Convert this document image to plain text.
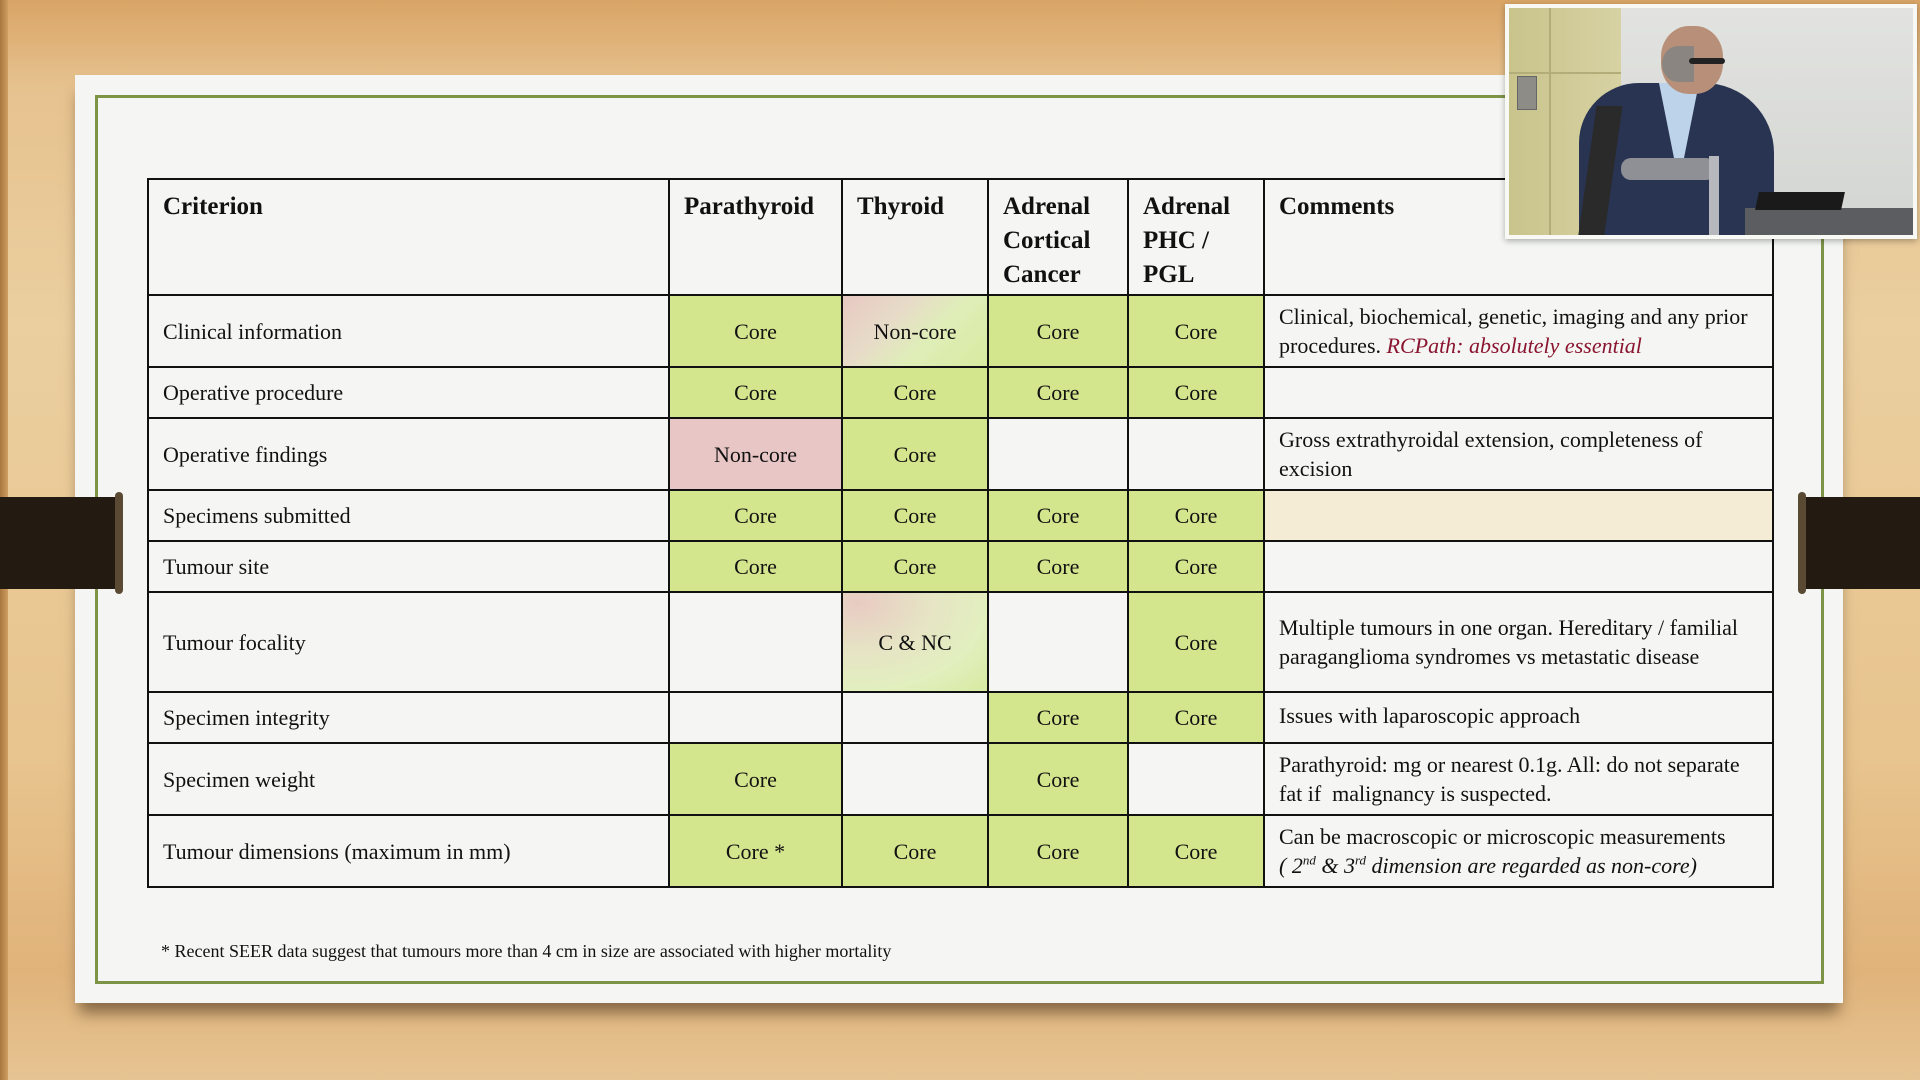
Criterion	Parathyroid	Thyroid	Adrenal Cortical Cancer	Adrenal PHC / PGL	Comments
Clinical information	Core	Non-core	Core	Core	Clinical, biochemical, genetic, imaging and any prior procedures. RCPath: absolutely essential
Operative procedure	Core	Core	Core	Core	
Operative findings	Non-core	Core			Gross extrathyroidal extension, completeness of excision
Specimens submitted	Core	Core	Core	Core	
Tumour site	Core	Core	Core	Core	
Tumour focality		C & NC		Core	Multiple tumours in one organ. Hereditary / familial paraganglioma syndromes vs metastatic disease
Specimen integrity			Core	Core	Issues with laparoscopic approach
Specimen weight	Core		Core		Parathyroid: mg or nearest 0.1g. All: do not separate fat if  malignancy is suspected.
Tumour dimensions (maximum in mm)	Core *	Core	Core	Core	Can be macroscopic or microscopic measurements
( 2nd & 3rd dimension are regarded as non-core)
* Recent SEER data suggest that tumours more than 4 cm in size are associated with higher mortality
